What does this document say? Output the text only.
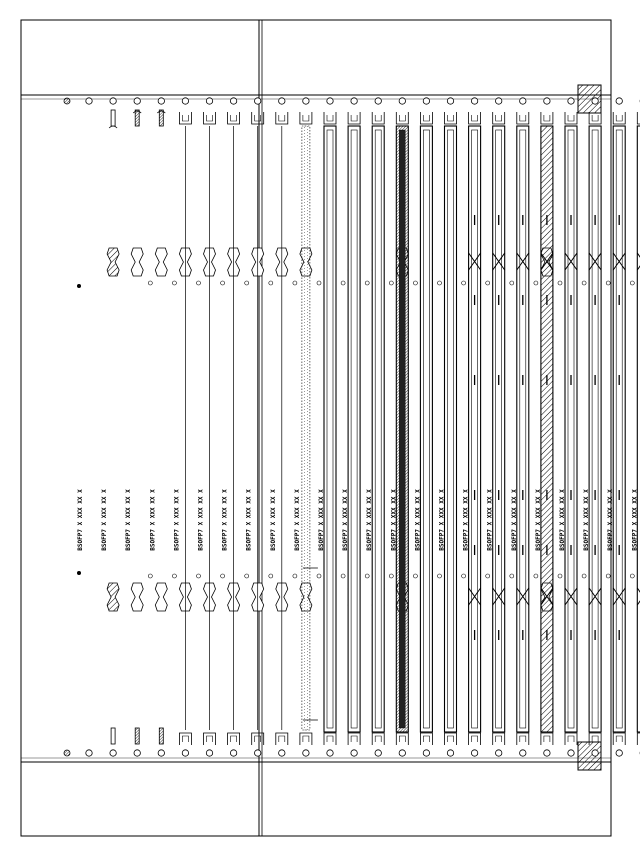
BSOFP7 X XXX XX X	BSOFP7 X XXX XX X	BSOFP7 X XXX XX X	BSOFP7 X XXX XX X	BSOFP7 X XXX XX X	BSOFP7 X XXX XX X	BSOFP7 X XXX XX X	BSOFP7 X XXX XX X	BSOFP7 X XXX XX X	BSOFP7 X XXX XX X	BSOFP7 X XXX XX X	BSOFP7 X XXX XX X	BSOFP7 X XXX XX X	BSOFP7 X XXX XX X	BSOFP7 X XXX XX X	BSOFP7 X XXX XX X	BSOFP7 X XXX XX X	BSOFP7 X XXX XX X	BSOFP7 X XXX XX X	BSOFP7 X XXX XX X	BSOFP7 X XXX XX X	BSOFP7 X XXX XX X	BSOFP7 X XXX XX X	BSOFP7 X XXX XX X
